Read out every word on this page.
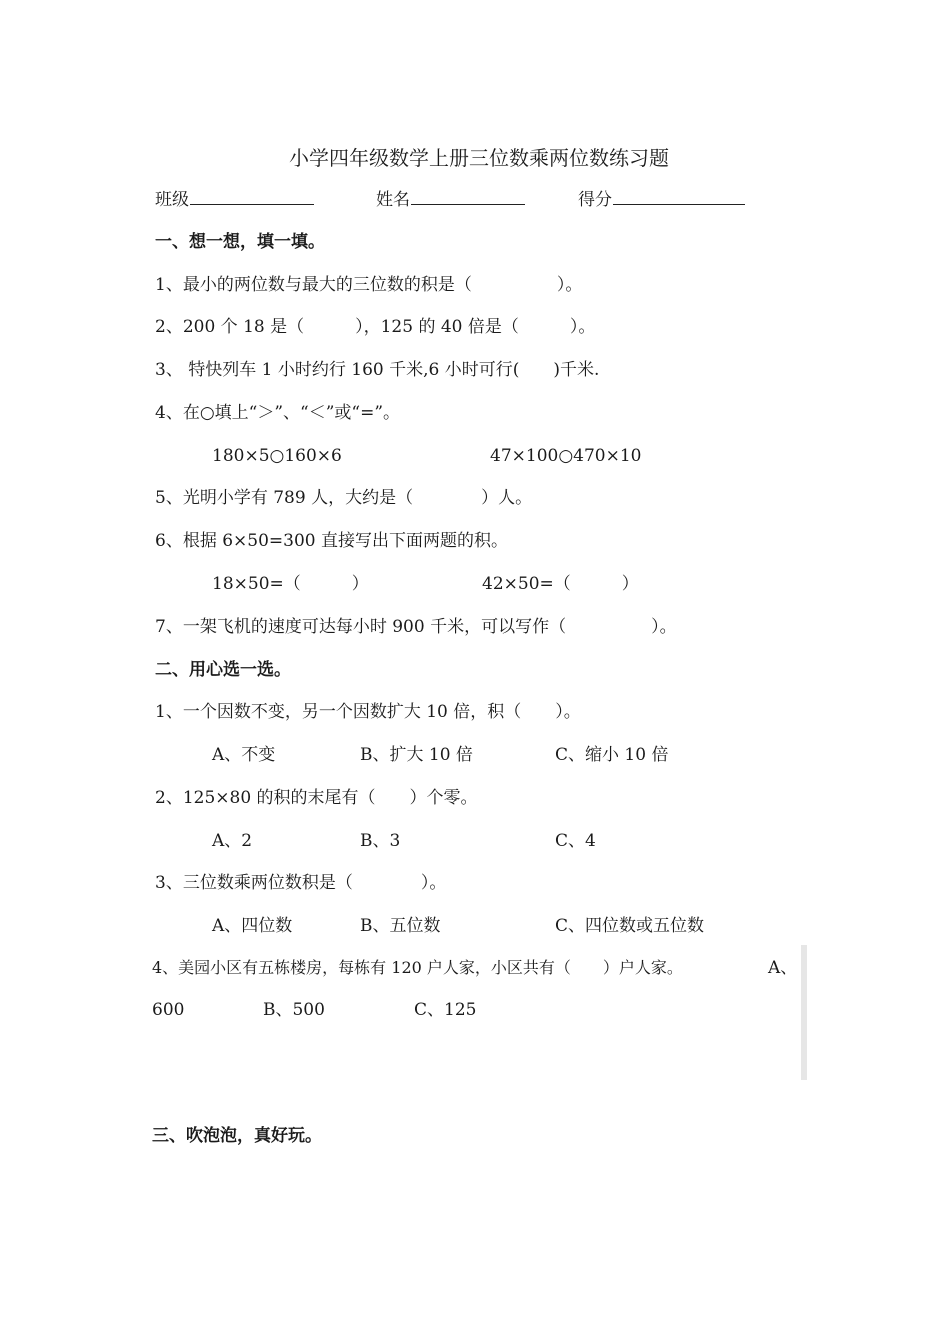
小学四年级数学上册三位数乘两位数练习题
班级	姓名	得分
一、想一想，填一填。
1、最小的两位数与最大的三位数的积是（　　　　　）。
2、200 个 18 是（　　　），125 的 40 倍是（　　　）。
3、 特快列车 1 小时约行 160 千米,6 小时可行(　　)千米.
4、在○填上“＞”、“＜”或“=”。
180×5○160×6	47×100○470×10
5、光明小学有 789 人，大约是（　　　　）人。
6、根据 6×50=300 直接写出下面两题的积。
18×50=（　　　）	42×50=（　　　）
7、一架飞机的速度可达每小时 900 千米，可以写作（　　　　　）。
二、用心选一选。
1、一个因数不变，另一个因数扩大 10 倍，积（　　）。
A、不变	B、扩大 10 倍	C、缩小 10 倍
2、125×80 的积的末尾有（　　）个零。
A、2	B、3	C、4
3、三位数乘两位数积是（　　　　）。
A、四位数	B、五位数	C、四位数或五位数
4、美园小区有五栋楼房，每栋有 120 户人家，小区共有（　　）户人家。	A、
600	B、500	C、125
三、吹泡泡，真好玩。
